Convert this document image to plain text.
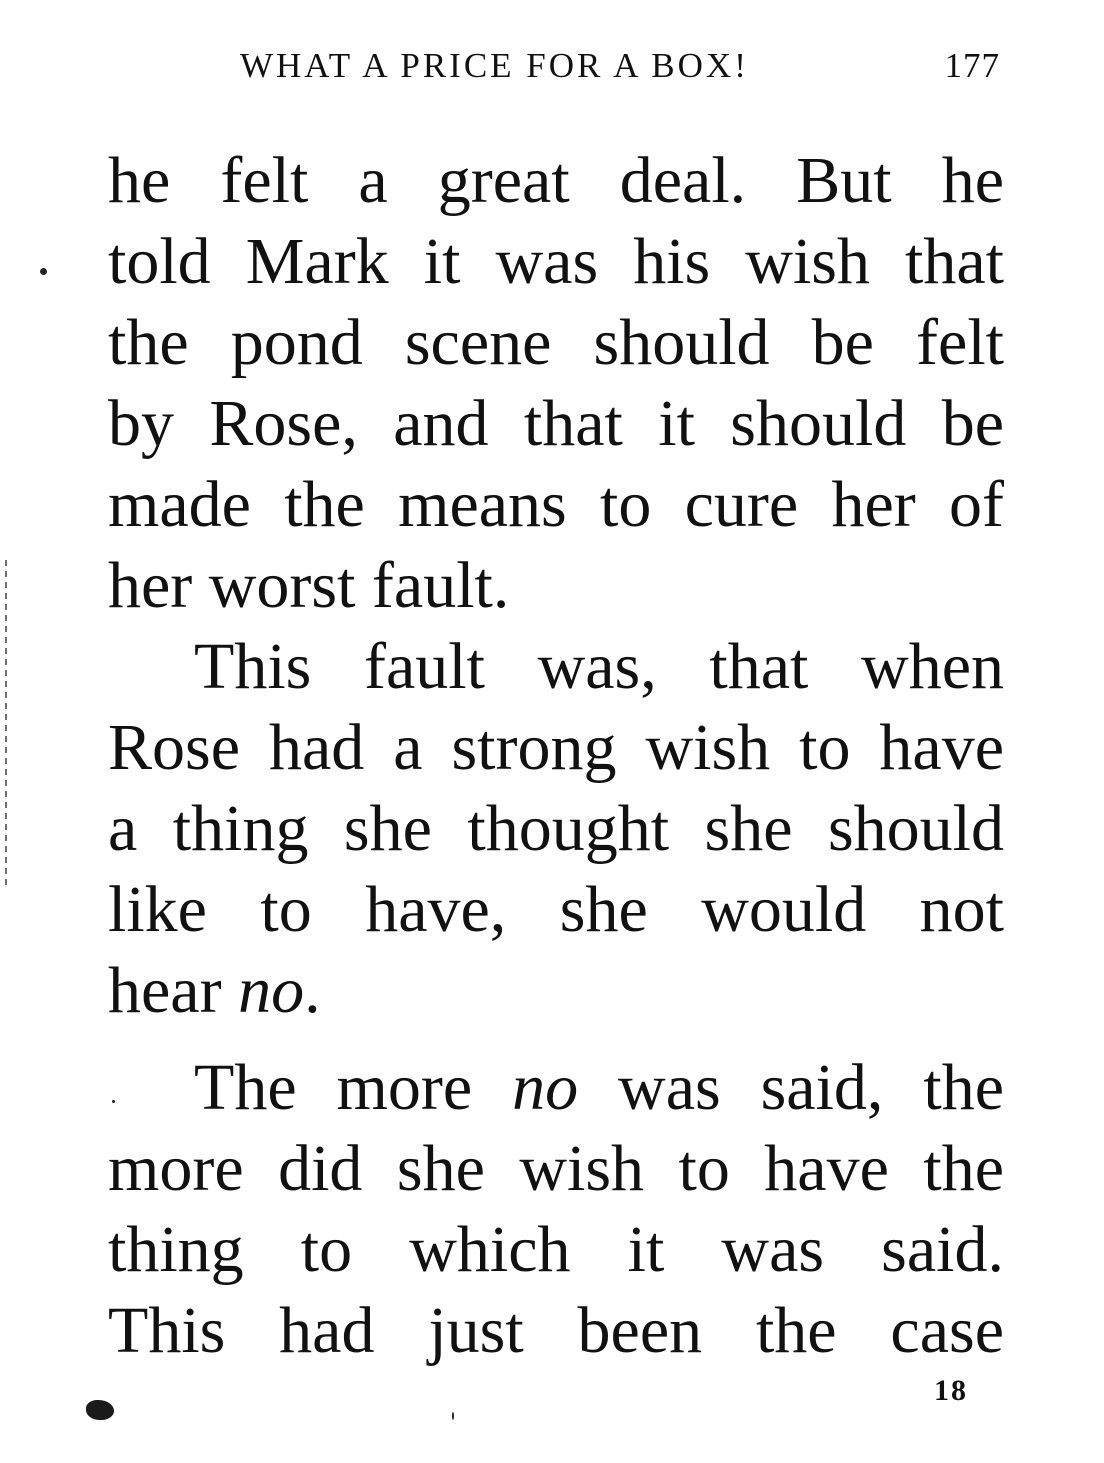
WHAT A PRICE FOR A BOX!	177
he felt a great deal. But he
told Mark it was his wish that
the pond scene should be felt
by Rose, and that it should be
made the means to cure her of
her worst fault.
This fault was, that when
Rose had a strong wish to have
a thing she thought she should
like to have, she would not
hear no.
The more no was said, the
more did she wish to have the
thing to which it was said.
This had just been the case
18
